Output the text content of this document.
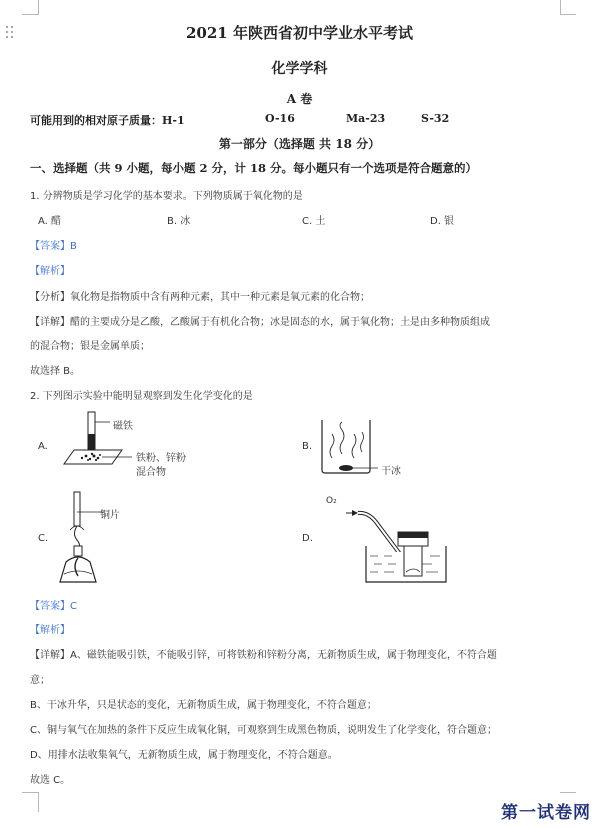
2021 年陕西省初中学业水平考试
化学学科
A 卷
可能用到的相对原子质量：H-1	O-16	Ma-23	S-32
第一部分（选择题 共 18 分）
一、选择题（共 9 小题，每小题 2 分，计 18 分。每小题只有一个选项是符合题意的）
1. 分辨物质是学习化学的基本要求。下列物质属于氧化物的是
A. 醋	B. 冰	C. 土	D. 银
【答案】B
【解析】
【分析】氧化物是指物质中含有两种元素，其中一种元素是氧元素的化合物；
【详解】醋的主要成分是乙酸，乙酸属于有机化合物；冰是固态的水，属于氧化物；土是由多种物质组成
的混合物；银是金属单质；
故选择 B。
2. 下列图示实验中能明显观察到发生化学变化的是
A.	B.
C.	D.
磁铁
铁粉、锌粉
混合物	干冰
铜片
O₂
【答案】C
【解析】
【详解】A、磁铁能吸引铁，不能吸引锌，可将铁粉和锌粉分离，无新物质生成，属于物理变化，不符合题
意；
B、干冰升华，只是状态的变化，无新物质生成，属于物理变化，不符合题意；
C、铜与氧气在加热的条件下反应生成氧化铜，可观察到生成黑色物质，说明发生了化学变化，符合题意；
D、用排水法收集氧气，无新物质生成，属于物理变化，不符合题意。
故选 C。
第一试卷网
